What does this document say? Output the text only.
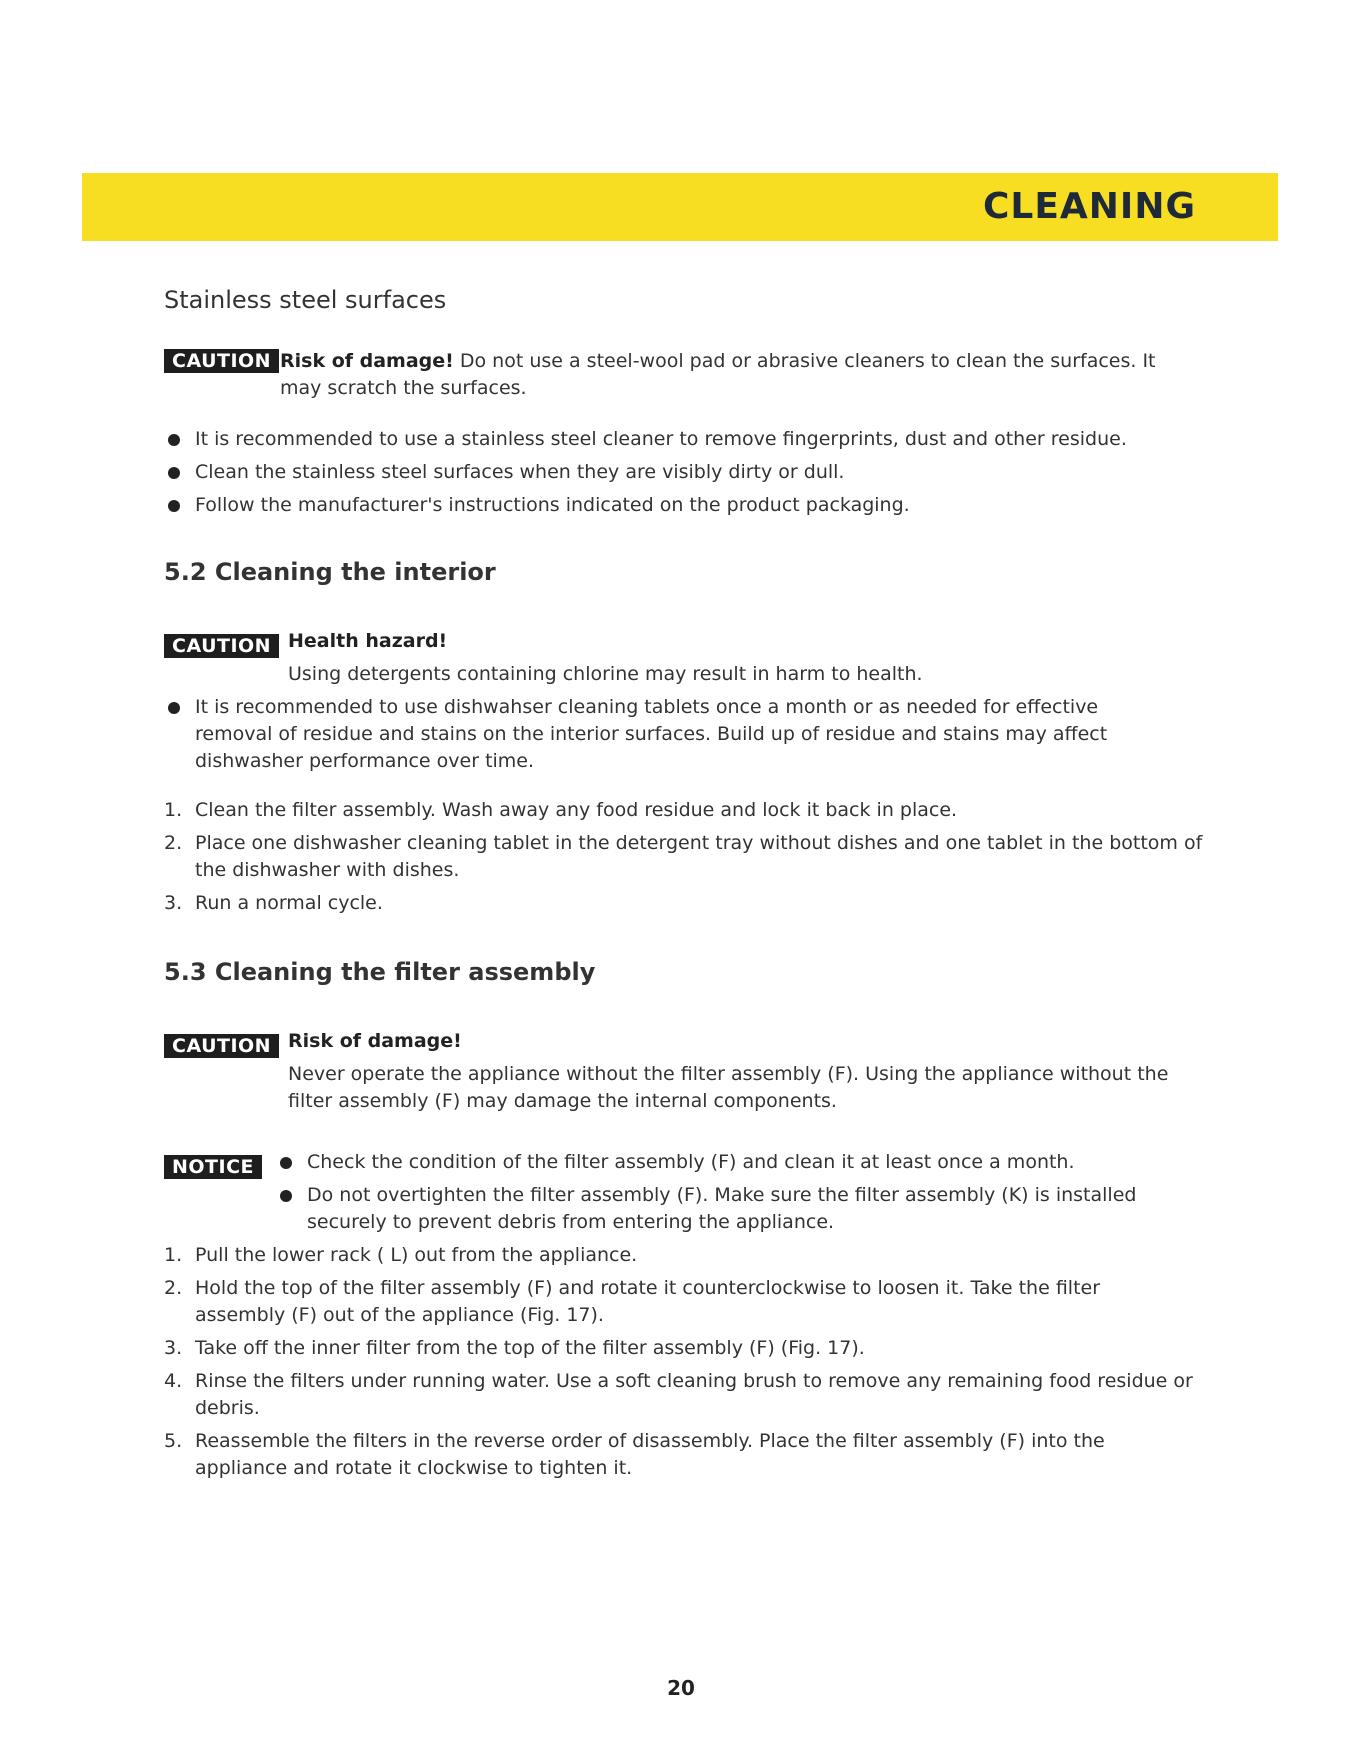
CLEANING
Stainless steel surfaces
CAUTION Risk of damage! Do not use a steel-wool pad or abrasive cleaners to clean the surfaces. It
may scratch the surfaces.
It is recommended to use a stainless steel cleaner to remove fingerprints, dust and other residue.
Clean the stainless steel surfaces when they are visibly dirty or dull.
Follow the manufacturer's instructions indicated on the product packaging.
5.2 Cleaning the interior
CAUTION Health hazard!
Using detergents containing chlorine may result in harm to health.
It is recommended to use dishwahser cleaning tablets once a month or as needed for effective removal of residue and stains on the interior surfaces. Build up of residue and stains may affect dishwasher performance over time.
1. Clean the filter assembly. Wash away any food residue and lock it back in place.
2. Place one dishwasher cleaning tablet in the detergent tray without dishes and one tablet in the bottom of the dishwasher with dishes.
3. Run a normal cycle.
5.3 Cleaning the filter assembly
CAUTION Risk of damage!
Never operate the appliance without the filter assembly (F). Using the appliance without the filter assembly (F) may damage the internal components.
NOTICE	Check the condition of the filter assembly (F) and clean it at least once a month.
Do not overtighten the filter assembly (F). Make sure the filter assembly (K) is installed securely to prevent debris from entering the appliance.
1. Pull the lower rack ( L) out from the appliance.
2. Hold the top of the filter assembly (F) and rotate it counterclockwise to loosen it. Take the filter assembly (F) out of the appliance (Fig. 17).
3. Take off the inner filter from the top of the filter assembly (F) (Fig. 17).
4. Rinse the filters under running water. Use a soft cleaning brush to remove any remaining food residue or debris.
5. Reassemble the filters in the reverse order of disassembly. Place the filter assembly (F) into the appliance and rotate it clockwise to tighten it.
20
